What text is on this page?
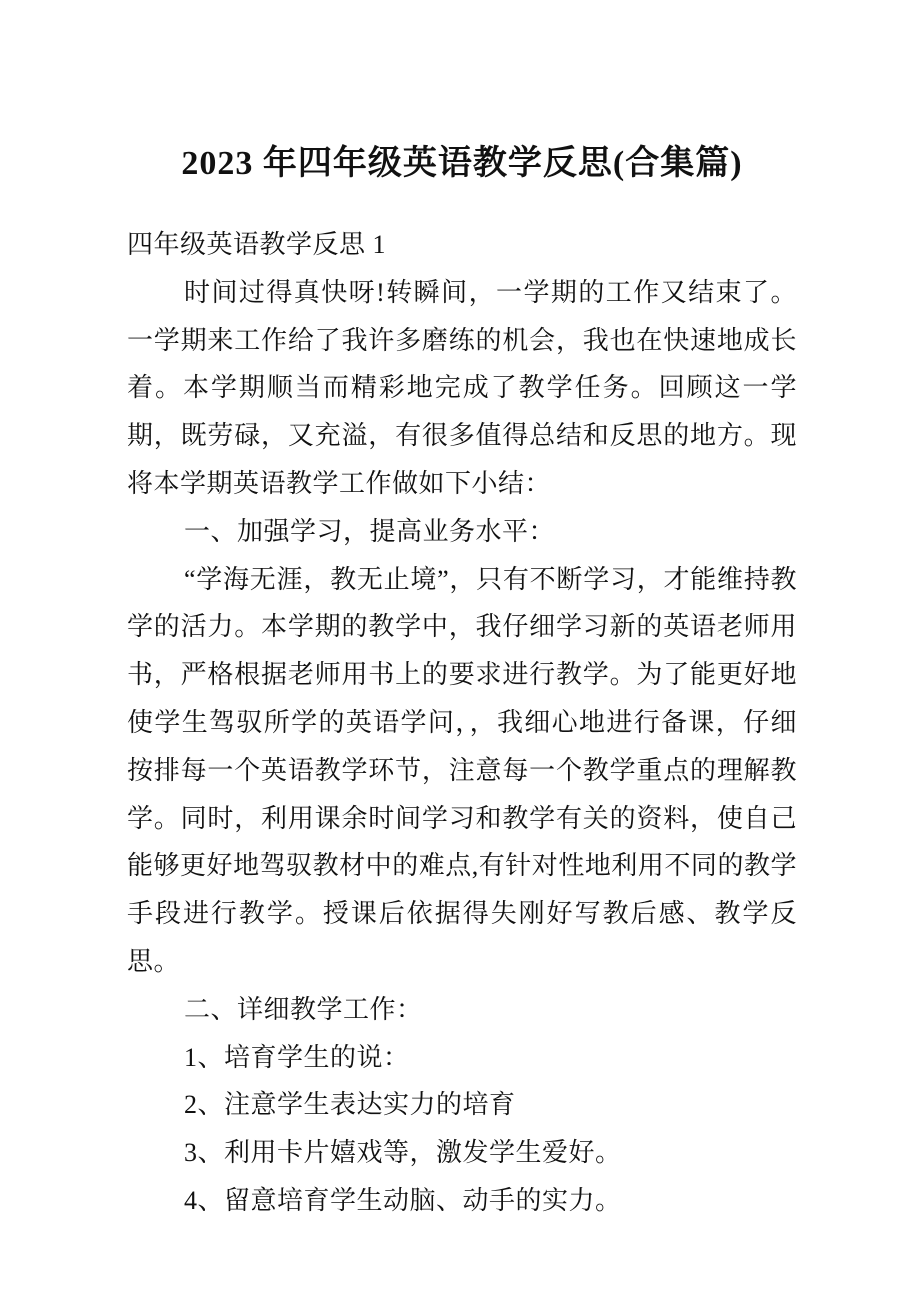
2023 年四年级英语教学反思(合集篇)

四年级英语教学反思 1

时间过得真快呀!转瞬间，一学期的工作又结束了。一学期来工作给了我许多磨练的机会，我也在快速地成长着。本学期顺当而精彩地完成了教学任务。回顾这一学期，既劳碌，又充溢，有很多值得总结和反思的地方。现将本学期英语教学工作做如下小结：

一、加强学习，提高业务水平：

“学海无涯，教无止境”，只有不断学习，才能维持教学的活力。本学期的教学中，我仔细学习新的英语老师用书，严格根据老师用书上的要求进行教学。为了能更好地使学生驾驭所学的英语学问，，我细心地进行备课，仔细按排每一个英语教学环节，注意每一个教学重点的理解教学。同时，利用课余时间学习和教学有关的资料，使自己能够更好地驾驭教材中的难点,有针对性地利用不同的教学手段进行教学。授课后依据得失刚好写教后感、教学反思。

二、详细教学工作：

1、培育学生的说：

2、注意学生表达实力的培育

3、利用卡片嬉戏等，激发学生爱好。

4、留意培育学生动脑、动手的实力。
